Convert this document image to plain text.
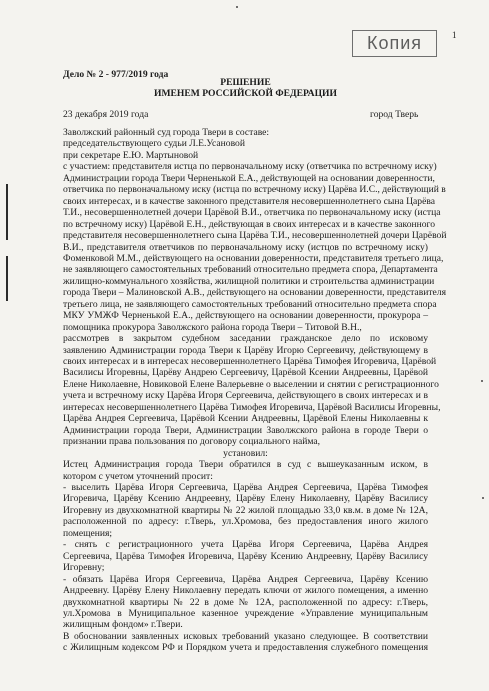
Копия	1
Дело № 2 - 977/2019 года
РЕШЕНИЕ
ИМЕНЕМ РОССИЙСКОЙ ФЕДЕРАЦИИ
23 декабря 2019 года	город Тверь
Заволжский районный суд города Твери в составе:
председательствующего судьи Л.Е.Усановой
при секретаре Е.Ю. Мартыновой
с участием: представителя истца по первоначальному иску (ответчика по встречному иску)
Администрации города Твери Черненькой Е.А., действующей на основании доверенности,
ответчика по первоначальному иску (истца по встречному иску) Царёва И.С., действующий в
своих интересах, и в качестве законного представителя несовершеннолетнего сына Царёва
Т.И., несовершеннолетней дочери Царёвой В.И., ответчика по первоначальному иску (истца
по встречному иску) Царёвой Е.Н., действующая в своих интересах и в качестве законного
представителя несовершеннолетнего сына Царёва Т.И., несовершеннолетней дочери Царёвой
В.И., представителя ответчиков по первоначальному иску (истцов по встречному иску)
Фоменковой М.М., действующего на основании доверенности, представителя третьего лица,
не заявляющего самостоятельных требований относительно предмета спора, Департамента
жилищно-коммунального хозяйства, жилищной политики и строительства администрации
города Твери – Малиновской А.В., действующего на основании доверенности, представителя
третьего лица, не заявляющего самостоятельных требований относительно предмета спора
МКУ УМЖФ Черненькой Е.А., действующего на основании доверенности, прокурора –
помощника прокурора Заволжского района города Твери – Титовой В.Н.,
рассмотрев в закрытом судебном заседании гражданское дело по исковому
заявлению Администрации города Твери к Царёву Игорю Сергеевичу, действующему в
своих интересах и в интересах несовершеннолетнего Царёва Тимофея Игоревича, Царёвой
Василисы Игоревны, Царёву Андрею Сергеевичу, Царёвой Ксении Андреевны, Царёвой
Елене Николаевне, Новиковой Елене Валерьевне о выселении и снятии с регистрационного
учета и встречному иску Царёва Игоря Сергеевича, действующего в своих интересах и в
интересах несовершеннолетнего Царёва Тимофея Игоревича, Царёвой Василисы Игоревны,
Царёва Андрея Сергеевича, Царёвой Ксении Андреевны, Царёвой Елены Николаевны к
Администрации города Твери, Администрации Заволжского района в городе Твери о
признании права пользования по договору социального найма,
установил:
Истец Администрация города Твери обратился в суд с вышеуказанным иском, в
котором с учетом уточнений просит:
- выселить Царёва Игоря Сергеевича, Царёва Андрея Сергеевича, Царёва Тимофея
Игоревича, Царёву Ксению Андреевну, Царёву Елену Николаевну, Царёву Василису
Игоревну из двухкомнатной квартиры № 22 жилой площадью 33,0 кв.м. в доме № 12А,
расположенной по адресу: г.Тверь, ул.Хромова, без предоставления иного жилого
помещения;
- снять с регистрационного учета Царёва Игоря Сергеевича, Царёва Андрея
Сергеевича, Царёва Тимофея Игоревича, Царёву Ксению Андреевну, Царёву Василису
Игоревну;
- обязать Царёва Игоря Сергеевича, Царёва Андрея Сергеевича, Царёву Ксению
Андреевну. Царёву Елену Николаевну передать ключи от жилого помещения, а именно
двухкомнатной квартиры № 22 в доме № 12А, расположенной по адресу: г.Тверь,
ул.Хромова в Муниципальное казенное учреждение «Управление муниципальным
жилищным фондом» г.Твери.
В обосновании заявленных исковых требований указано следующее. В соответствии
с Жилищным кодексом РФ и Порядком учета и предоставления служебного помещения
